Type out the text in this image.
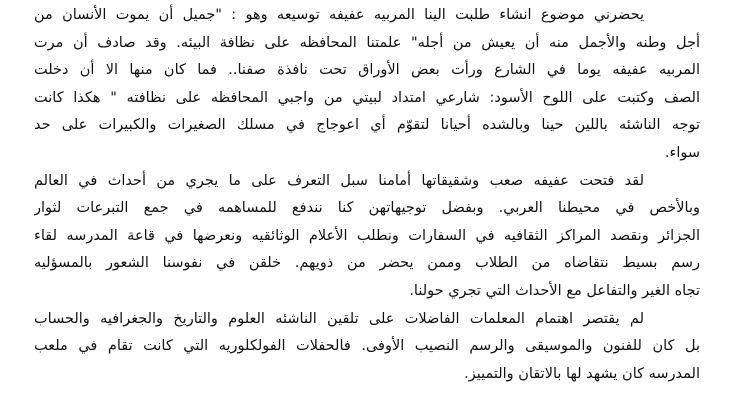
يحضرني موضوع انشاء طلبت الينا المربيه عفيفه توسيعه وهو : "جميل أن يموت الأنسان من
أجل وطنه والأجمل منه أن يعيش من أجله" علمتنا المحافظه على نظافة البيئه. وقد صادف أن مرت
المربيه عفيفه يوما في الشارع ورأت بعض الأوراق تحت نافذة صفنا.. فما كان منها الا أن دخلت
الصف وكتبت على اللوح الأسود: شارعي امتداد لبيتي من واجبي المحافظه على نظافته " هكذا كانت
توجه الناشئه باللين حينا وبالشده أحيانا لتقوّم أي اعوجاج في مسلك الصغيرات والكبيرات على حد
سواء.
لقد فتحت عفيفه صعب وشقيقاتها أمامنا سبل التعرف على ما يجري من أحداث في العالم
وبالأخص في محيطنا العربي. وبفضل توجيهاتهن كنا نندفع للمساهمه في جمع التبرعات لثوار
الجزائر ونقصد المراكز الثقافيه في السفارات ونطلب الأعلام الوثائقيه ونعرضها في قاعة المدرسه لقاء
رسم بسيط نتقاضاه من الطلاب وممن يحضر من ذويهم. خلقن في نفوسنا الشعور بالمسؤليه
تجاه الغير والتفاعل مع الأحداث التي تجري حولنا.
لم يقتصر اهتمام المعلمات الفاضلات على تلقين الناشئه العلوم والتاريخ والجغرافيه والحساب
بل كان للفنون والموسيقى والرسم النصيب الأوفى. فالحفلات الفولكلوريه التي كانت تقام في ملعب
المدرسه كان يشهد لها بالاتقان والتمييز.
